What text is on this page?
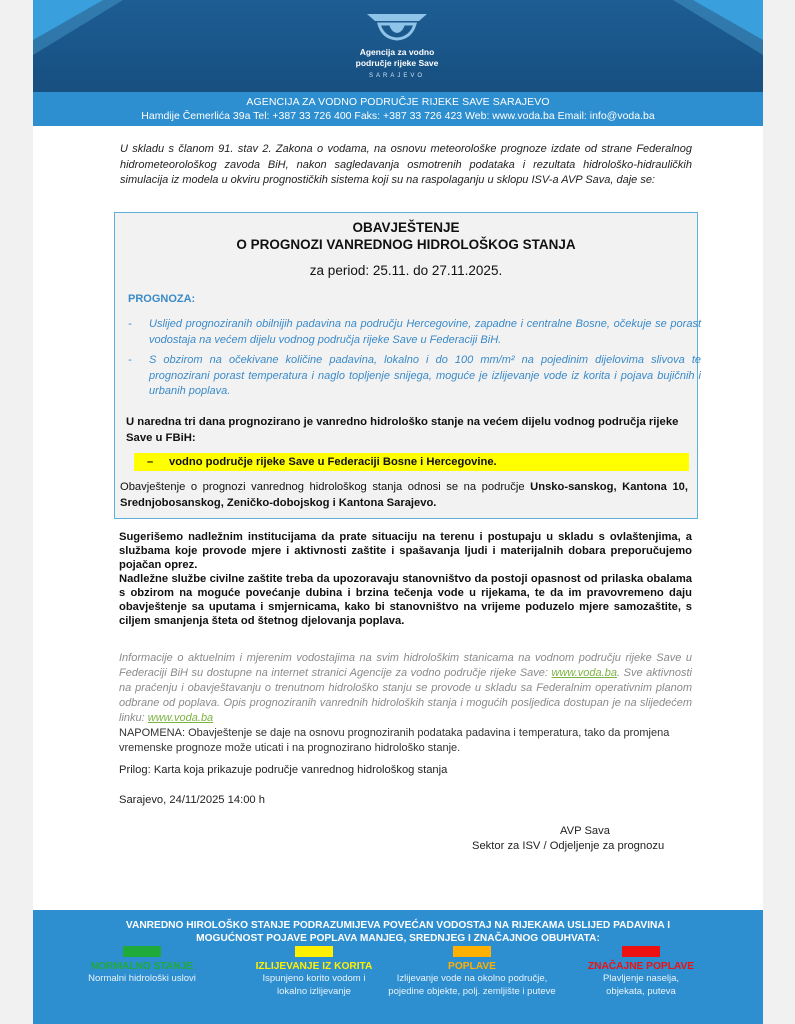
Agencija za vodno
područje rijeke Save
SARAJEVO
AGENCIJA ZA VODNO PODRUČJE RIJEKE SAVE SARAJEVO
Hamdije Čemerlića 39a Tel: +387 33 726 400 Faks: +387 33 726 423 Web: www.voda.ba Email: info@voda.ba
U skladu s članom 91. stav 2. Zakona o vodama, na osnovu meteorološke prognoze izdate od strane Federalnog hidrometeorološkog zavoda BiH, nakon sagledavanja osmotrenih podataka i rezultata hidrološko-hidrauličkih simulacija iz modela u okviru prognostičkih sistema koji su na raspolaganju u sklopu ISV-a AVP Sava, daje se:
OBAVJEŠTENJE
O PROGNOZI VANREDNOG HIDROLOŠKOG STANJA
za period: 25.11. do 27.11.2025.
PROGNOZA:
- Uslijed prognoziranih obilnijih padavina na području Hercegovine, zapadne i centralne Bosne, očekuje se porast vodostaja na većem dijelu vodnog područja rijeke Save u Federaciji BiH.
- S obzirom na očekivane količine padavina, lokalno i do 100 mm/m² na pojedinim dijelovima slivova te prognozirani porast temperatura i naglo topljenje snijega, moguće je izlijevanje vode iz korita i pojava bujičnih i urbanih poplava.
U naredna tri dana prognozirano je vanredno hidrološko stanje na većem dijelu vodnog područja rijeke Save u FBiH:
– vodno područje rijeke Save u Federaciji Bosne i Hercegovine.
Obavještenje o prognozi vanrednog hidrološkog stanja odnosi se na područje Unsko-sanskog, Kantona 10, Srednjobosanskog, Zeničko-dobojskog i Kantona Sarajevo.

Sugerišemo nadležnim institucijama da prate situaciju na terenu i postupaju u skladu s ovlaštenjima, a službama koje provode mjere i aktivnosti zaštite i spašavanja ljudi i materijalnih dobara preporučujemo pojačan oprez.

Nadležne službe civilne zaštite treba da upozoravaju stanovništvo da postoji opasnost od prilaska obalama s obzirom na moguće povećanje dubina i brzina tečenja vode u rijekama, te da im pravovremeno daju obavještenje sa uputama i smjernicama, kako bi stanovništvo na vrijeme poduzelo mjere samozaštite, s ciljem smanjenja šteta od štetnog djelovanja poplava.

Informacije o aktuelnim i mjerenim vodostajima na svim hidrološkim stanicama na vodnom području rijeke Save u Federaciji BiH su dostupne na internet stranici Agencije za vodno područje rijeke Save: www.voda.ba. Sve aktivnosti na praćenju i obavještavanju o trenutnom hidrološko stanju se provode u skladu sa Federalnim operativnim planom odbrane od poplava. Opis prognoziranih vanrednih hidroloških stanja i mogućih posljedica dostupan je na slijedećem linku: www.voda.ba
NAPOMENA: Obavještenje se daje na osnovu prognoziranih podataka padavina i temperatura, tako da promjena vremenske prognoze može uticati i na prognozirano hidrološko stanje.
Prilog: Karta koja prikazuje područje vanrednog hidrološkog stanja
Sarajevo, 24/11/2025 14:00 h
AVP Sava
Sektor za ISV / Odjeljenje za prognozu
VANREDNO HIROLOŠKO STANJE PODRAZUMIJEVA POVEĆAN VODOSTAJ NA RIJEKAMA USLIJED PADAVINA I
MOGUĆNOST POJAVE POPLAVA MANJEG, SREDNJEG I ZNAČAJNOG OBUHVATA:
NORMALNO STANJE
Normalni hidrološki uslovi
IZLIJEVANJE IZ KORITA
Ispunjeno korito vodom i
lokalno izlijevanje
POPLAVE
Izlijevanje vode na okolno područje,
pojedine objekte, polj. zemljište i puteve
ZNAČAJNE POPLAVE
Plavljenje naselja,
objekata, puteva
